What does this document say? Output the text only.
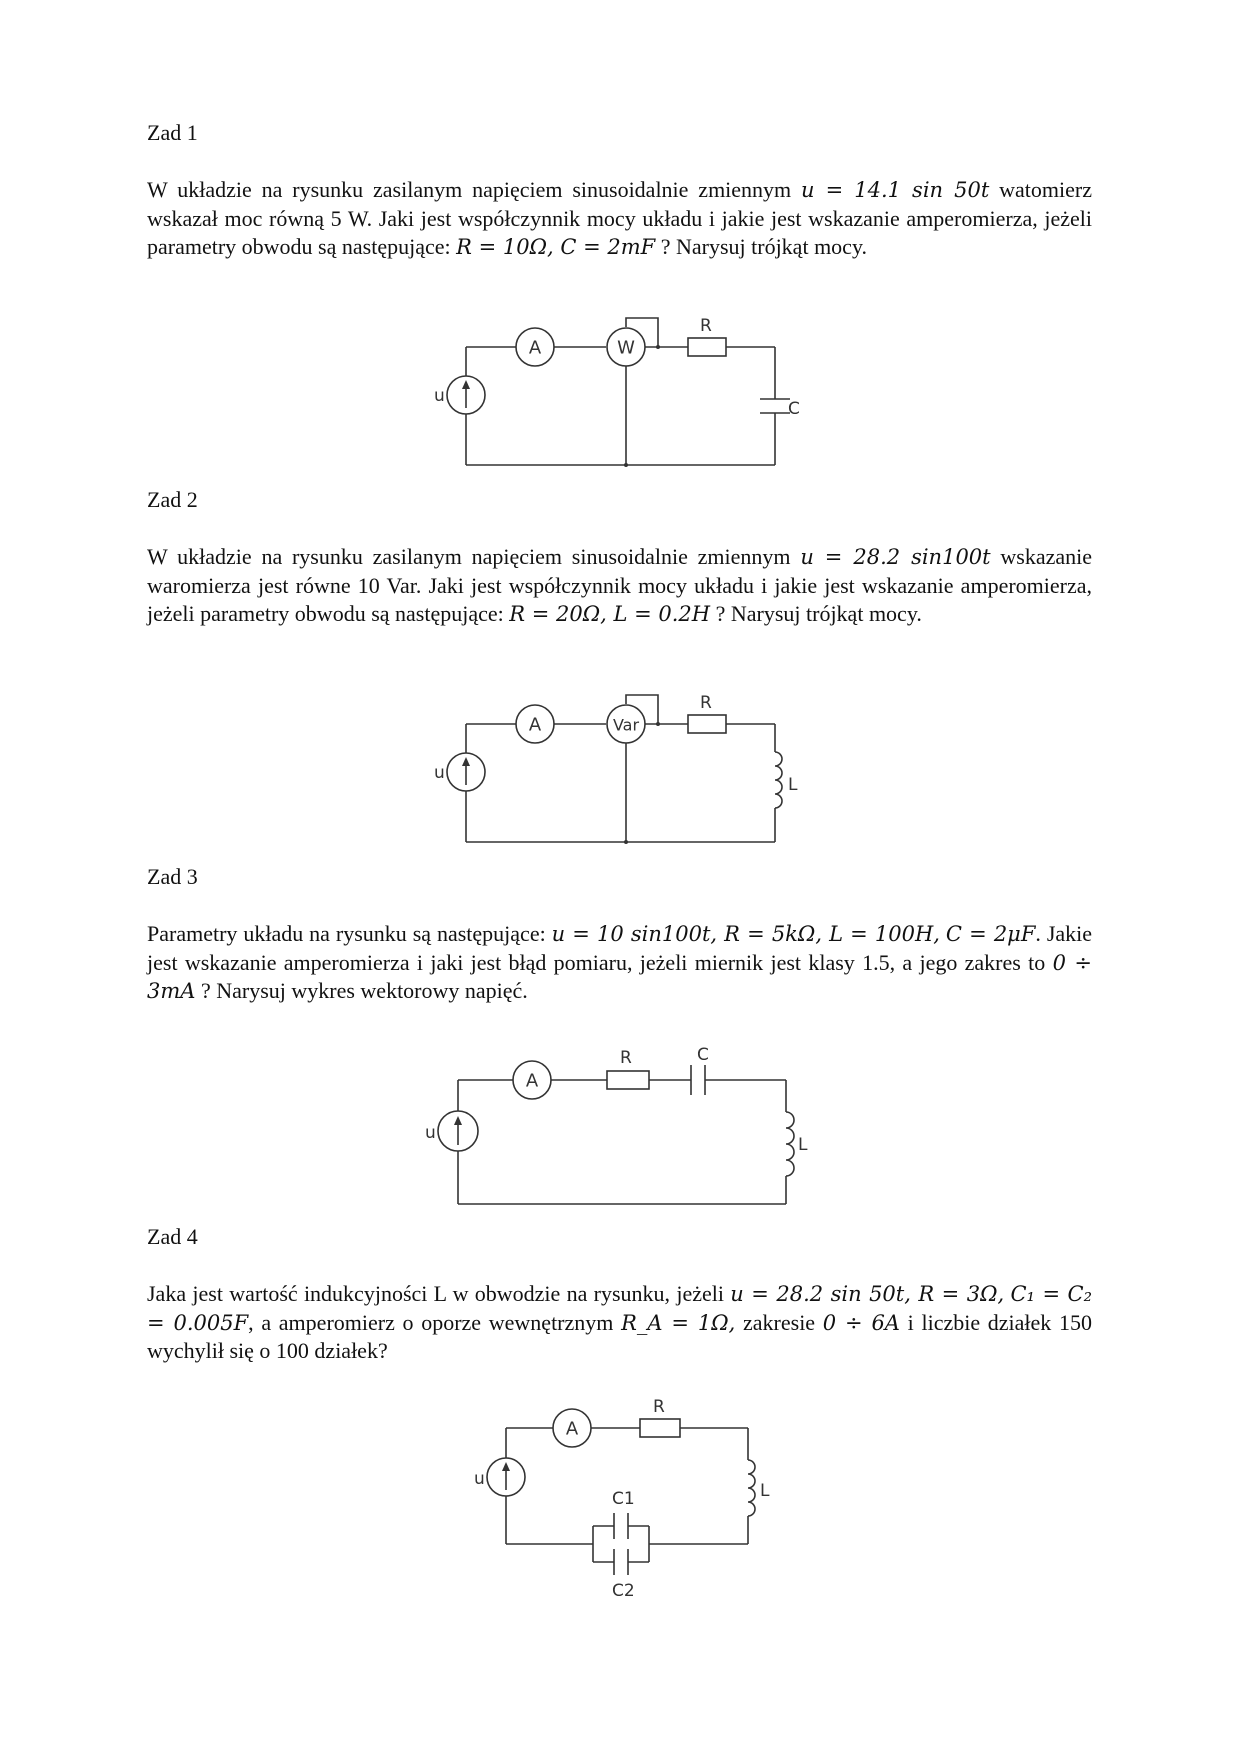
Zad 1

W układzie na rysunku zasilanym napięciem sinusoidalnie zmiennym u = 14.1 sin 50t watomierz wskazał moc równą 5 W. Jaki jest współczynnik mocy układu i jakie jest wskazanie amperomierza, jeżeli parametry obwodu są następujące: R = 10Ω, C = 2mF ? Narysuj trójkąt mocy.

u
A	W
R
C
Zad 2

W układzie na rysunku zasilanym napięciem sinusoidalnie zmiennym u = 28.2 sin100t wskazanie waromierza jest równe 10 Var. Jaki jest współczynnik mocy układu i jakie jest wskazanie amperomierza, jeżeli parametry obwodu są następujące: R = 20Ω, L = 0.2H ? Narysuj trójkąt mocy.

u
A	Var
R
L
Zad 3

Parametry układu na rysunku są następujące: u = 10 sin100t, R = 5kΩ, L = 100H, C = 2μF. Jakie jest wskazanie amperomierza i jaki jest błąd pomiaru, jeżeli miernik jest klasy 1.5, a jego zakres to 0 ÷ 3mA ? Narysuj wykres wektorowy napięć.

u
A
R	C
L
Zad 4

Jaka jest wartość indukcyjności L w obwodzie na rysunku, jeżeli u = 28.2 sin 50t, R = 3Ω, C₁ = C₂ = 0.005F, a amperomierz o oporze wewnętrznym R_A = 1Ω, zakresie 0 ÷ 6A i liczbie działek 150 wychylił się o 100 działek?

u
A
R
L
C1
C2
